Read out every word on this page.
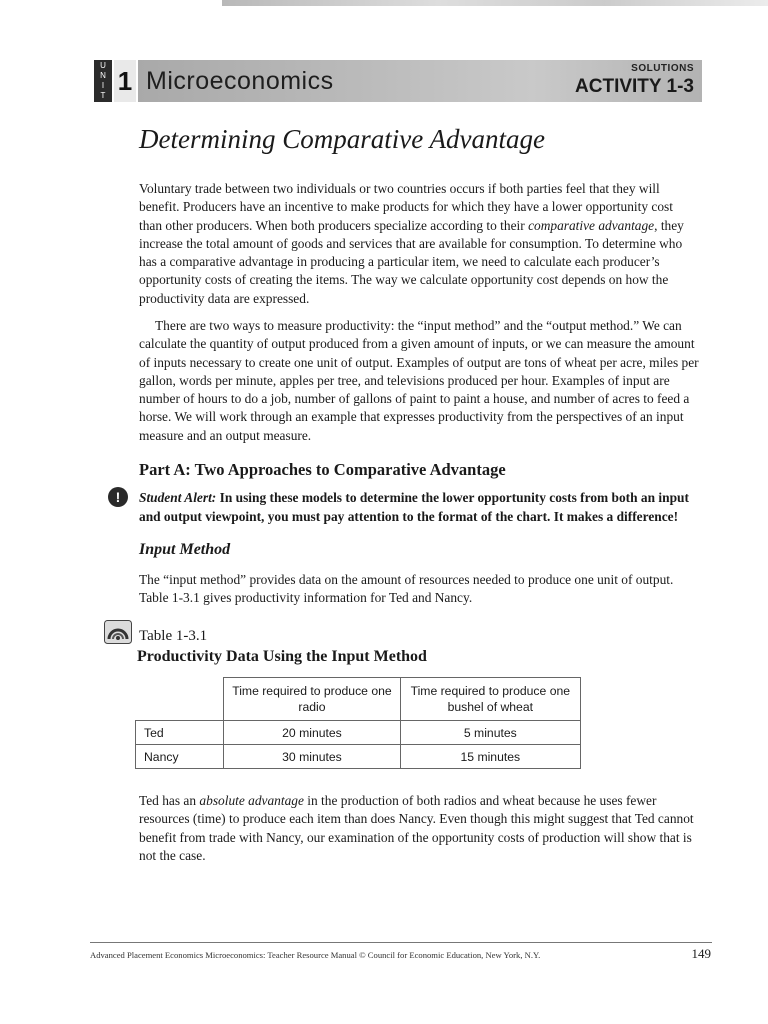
U
N
I
T 1 Microeconomics	SOLUTIONS
ACTIVITY 1-3
Determining Comparative Advantage

Voluntary trade between two individuals or two countries occurs if both parties feel that they will benefit. Producers have an incentive to make products for which they have a lower opportunity cost than other producers. When both producers specialize according to their comparative advantage, they increase the total amount of goods and services that are available for consumption. To determine who has a comparative advantage in producing a particular item, we need to calculate each producer’s opportunity costs of creating the items. The way we calculate opportunity cost depends on how the productivity data are expressed.

There are two ways to measure productivity: the “input method” and the “output method.” We can calculate the quantity of output produced from a given amount of inputs, or we can measure the amount of inputs necessary to create one unit of output. Examples of output are tons of wheat per acre, miles per gallon, words per minute, apples per tree, and televisions produced per hour. Examples of input are number of hours to do a job, number of gallons of paint to paint a house, and number of acres to feed a horse. We will work through an example that expresses productivity from the perspectives of an input measure and an output measure.

Part A: Two Approaches to Comparative Advantage
!	Student Alert: In using these models to determine the lower opportunity costs from both an input and output viewpoint, you must pay attention to the format of the chart. It makes a difference!

Input Method

The “input method” provides data on the amount of resources needed to produce one unit of output. Table 1-3.1 gives productivity information for Ted and Nancy.

Table 1-3.1

Productivity Data Using the Input Method

	Time required to produce one radio	Time required to produce one bushel of wheat
Ted	20 minutes	5 minutes
Nancy	30 minutes	15 minutes

Ted has an absolute advantage in the production of both radios and wheat because he uses fewer resources (time) to produce each item than does Nancy. Even though this might suggest that Ted cannot benefit from trade with Nancy, our examination of the opportunity costs of production will show that is not the case.

Advanced Placement Economics Microeconomics: Teacher Resource Manual © Council for Economic Education, New York, N.Y.	149
